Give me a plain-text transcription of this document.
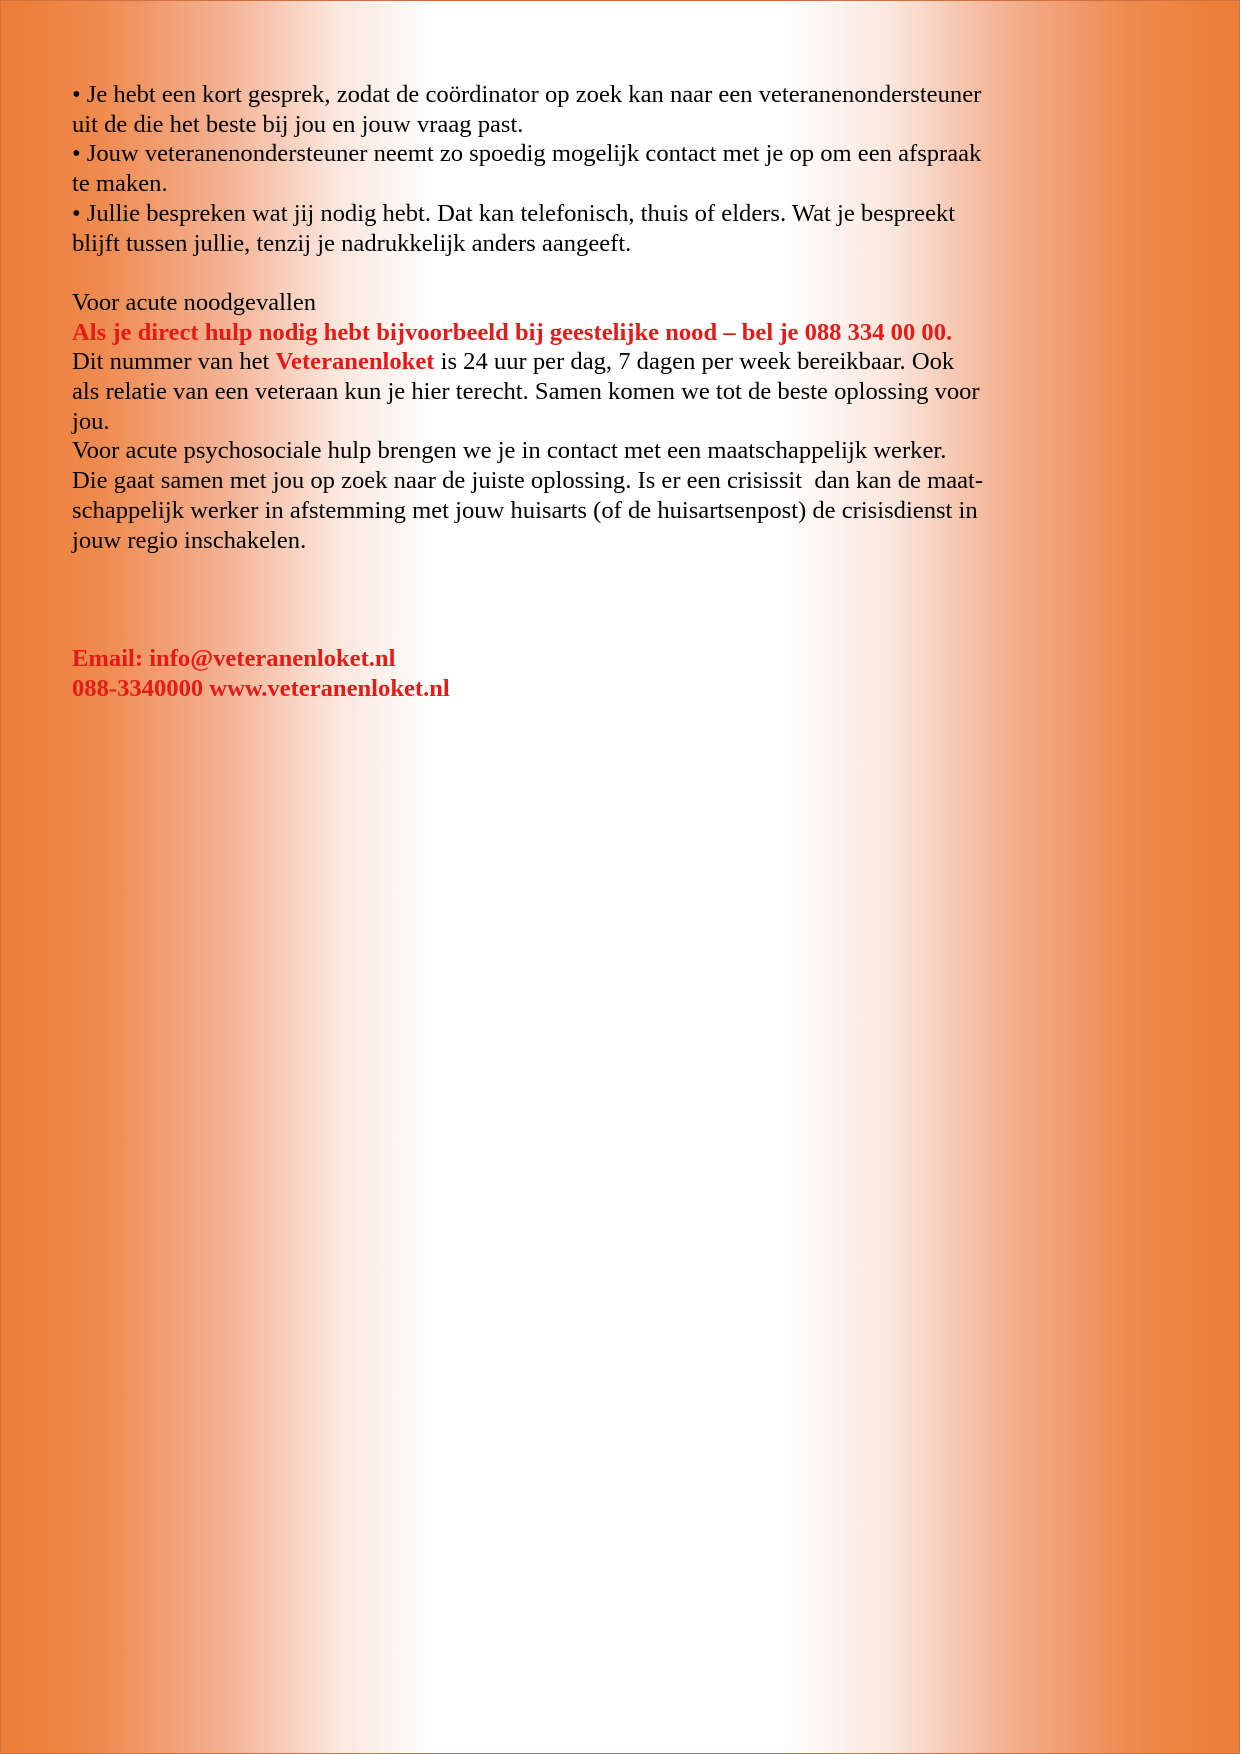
• Je hebt een kort gesprek, zodat de coördinator op zoek kan naar een veteranenondersteuner
uit de die het beste bij jou en jouw vraag past.

• Jouw veteranenondersteuner neemt zo spoedig mogelijk contact met je op om een afspraak
te maken.

• Jullie bespreken wat jij nodig hebt. Dat kan telefonisch, thuis of elders. Wat je bespreekt
blijft tussen jullie, tenzij je nadrukkelijk anders aangeeft.

Voor acute noodgevallen

Als je direct hulp nodig hebt bijvoorbeeld bij geestelijke nood – bel je 088 334 00 00.

Dit nummer van het Veteranenloket is 24 uur per dag, 7 dagen per week bereikbaar. Ook
als relatie van een veteraan kun je hier terecht. Samen komen we tot de beste oplossing voor
jou.
Voor acute psychosociale hulp brengen we je in contact met een maatschappelijk werker.
Die gaat samen met jou op zoek naar de juiste oplossing. Is er een crisissit  dan kan de maat-
schappelijk werker in afstemming met jouw huisarts (of de huisartsenpost) de crisisdienst in
jouw regio inschakelen.

Email: info@veteranenloket.nl

088-3340000 www.veteranenloket.nl
